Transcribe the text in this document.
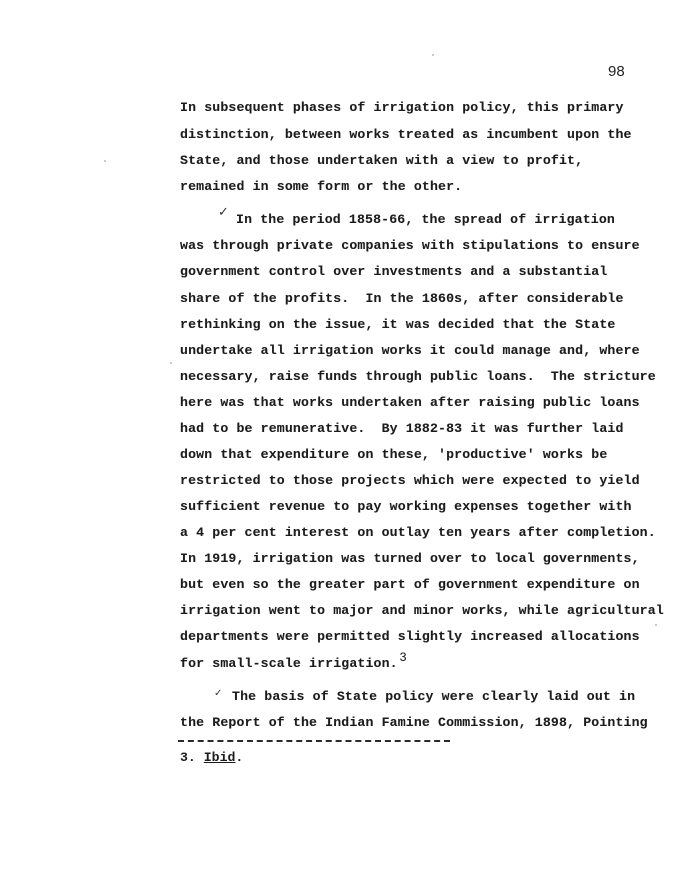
98
In subsequent phases of irrigation policy, this primary
distinction, between works treated as incumbent upon the
State, and those undertaken with a view to profit,
remained in some form or the other.
✓ In the period 1858-66, the spread of irrigation
was through private companies with stipulations to ensure
government control over investments and a substantial
share of the profits.  In the 1860s, after considerable
rethinking on the issue, it was decided that the State
undertake all irrigation works it could manage and, where
necessary, raise funds through public loans.  The stricture
here was that works undertaken after raising public loans
had to be remunerative.  By 1882-83 it was further laid
down that expenditure on these, 'productive' works be
restricted to those projects which were expected to yield
sufficient revenue to pay working expenses together with
a 4 per cent interest on outlay ten years after completion.
In 1919, irrigation was turned over to local governments,
but even so the greater part of government expenditure on
irrigation went to major and minor works, while agricultural
departments were permitted slightly increased allocations
for small-scale irrigation. 3
✓ The basis of State policy were clearly laid out in
the Report of the Indian Famine Commission, 1898, Pointing
3. Ibid.
